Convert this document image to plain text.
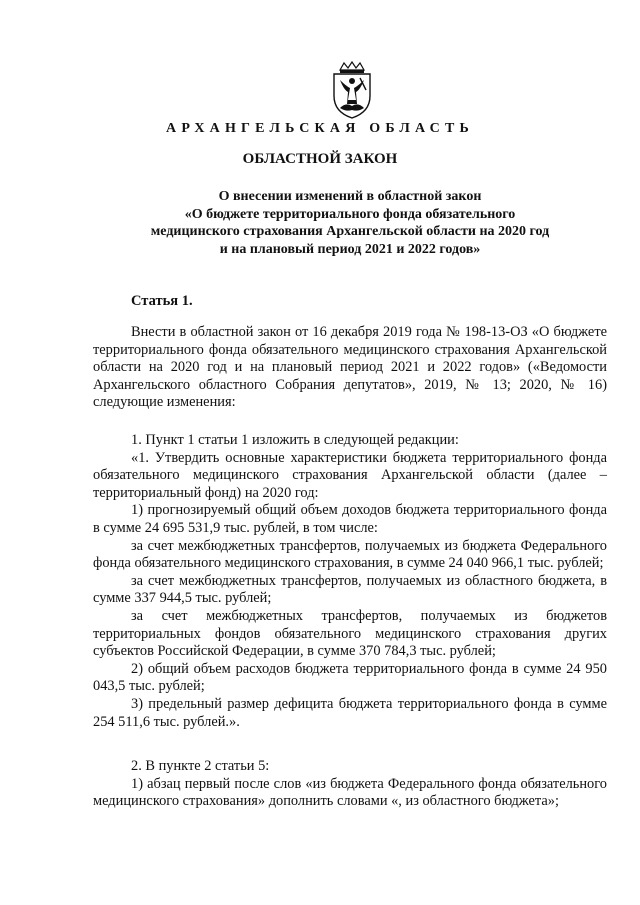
АРХАНГЕЛЬСКАЯ ОБЛАСТЬ
ОБЛАСТНОЙ ЗАКОН
О внесении изменений в областной закон
«О бюджете территориального фонда обязательного
медицинского страхования Архангельской области на 2020 год
и на плановый период 2021 и 2022 годов»
Статья 1.

Внести в областной закон от 16 декабря 2019 года № 198-13-ОЗ «О бюджете территориального фонда обязательного медицинского страхования Архангельской области на 2020 год и на плановый период 2021 и 2022 годов» («Ведомости Архангельского областного Собрания депутатов», 2019, № 13; 2020, № 16) следующие изменения:

1. Пункт 1 статьи 1 изложить в следующей редакции:

«1. Утвердить основные характеристики бюджета территориального фонда обязательного медицинского страхования Архангельской области (далее – территориальный фонд) на 2020 год:

1) прогнозируемый общий объем доходов бюджета территориального фонда в сумме 24 695 531,9 тыс. рублей, в том числе:

за счет межбюджетных трансфертов, получаемых из бюджета Федерального фонда обязательного медицинского страхования, в сумме 24 040 966,1 тыс. рублей;

за счет межбюджетных трансфертов, получаемых из областного бюджета, в сумме 337 944,5 тыс. рублей;

за счет межбюджетных трансфертов, получаемых из бюджетов территориальных фондов обязательного медицинского страхования других субъектов Российской Федерации, в сумме 370 784,3 тыс. рублей;

2) общий объем расходов бюджета территориального фонда в сумме 24 950 043,5 тыс. рублей;

3) предельный размер дефицита бюджета территориального фонда в сумме 254 511,6 тыс. рублей.».

2. В пункте 2 статьи 5:

1) абзац первый после слов «из бюджета Федерального фонда обязательного медицинского страхования» дополнить словами «, из областного бюджета»;
